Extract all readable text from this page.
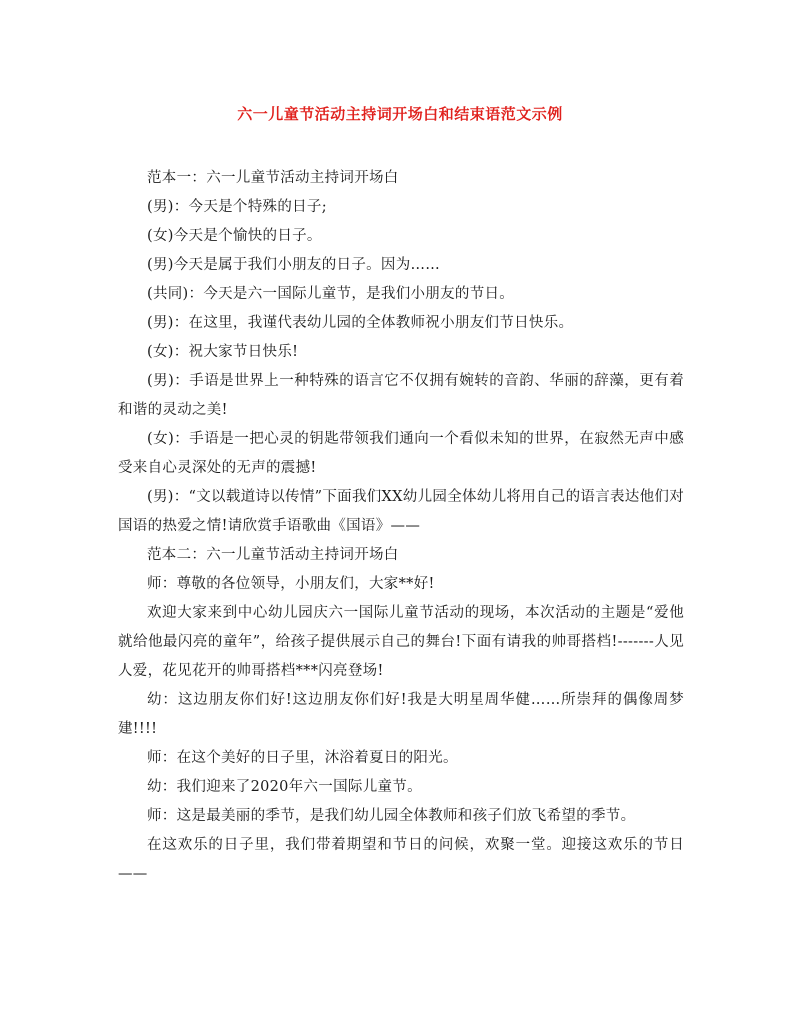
六一儿童节活动主持词开场白和结束语范文示例

范本一：六一儿童节活动主持词开场白

(男)：今天是个特殊的日子;

(女)今天是个愉快的日子。

(男)今天是属于我们小朋友的日子。因为……

(共同)：今天是六一国际儿童节，是我们小朋友的节日。

(男)：在这里，我谨代表幼儿园的全体教师祝小朋友们节日快乐。

(女)：祝大家节日快乐!

(男)：手语是世界上一种特殊的语言它不仅拥有婉转的音韵、华丽的辞藻，更有着和谐的灵动之美!

(女)：手语是一把心灵的钥匙带领我们通向一个看似未知的世界，在寂然无声中感受来自心灵深处的无声的震撼!

(男)：“文以载道诗以传情”下面我们XX幼儿园全体幼儿将用自己的语言表达他们对国语的热爱之情!请欣赏手语歌曲《国语》——

范本二：六一儿童节活动主持词开场白

师：尊敬的各位领导，小朋友们，大家**好!

欢迎大家来到中心幼儿园庆六一国际儿童节活动的现场，本次活动的主题是“爱他就给他最闪亮的童年”，给孩子提供展示自己的舞台!下面有请我的帅哥搭档!-------人见人爱，花见花开的帅哥搭档***闪亮登场!

幼：这边朋友你们好!这边朋友你们好!我是大明星周华健……所崇拜的偶像周梦建!!!!

师：在这个美好的日子里，沐浴着夏日的阳光。

幼：我们迎来了2020年六一国际儿童节。

师：这是最美丽的季节，是我们幼儿园全体教师和孩子们放飞希望的季节。

在这欢乐的日子里，我们带着期望和节日的问候，欢聚一堂。迎接这欢乐的节日——
